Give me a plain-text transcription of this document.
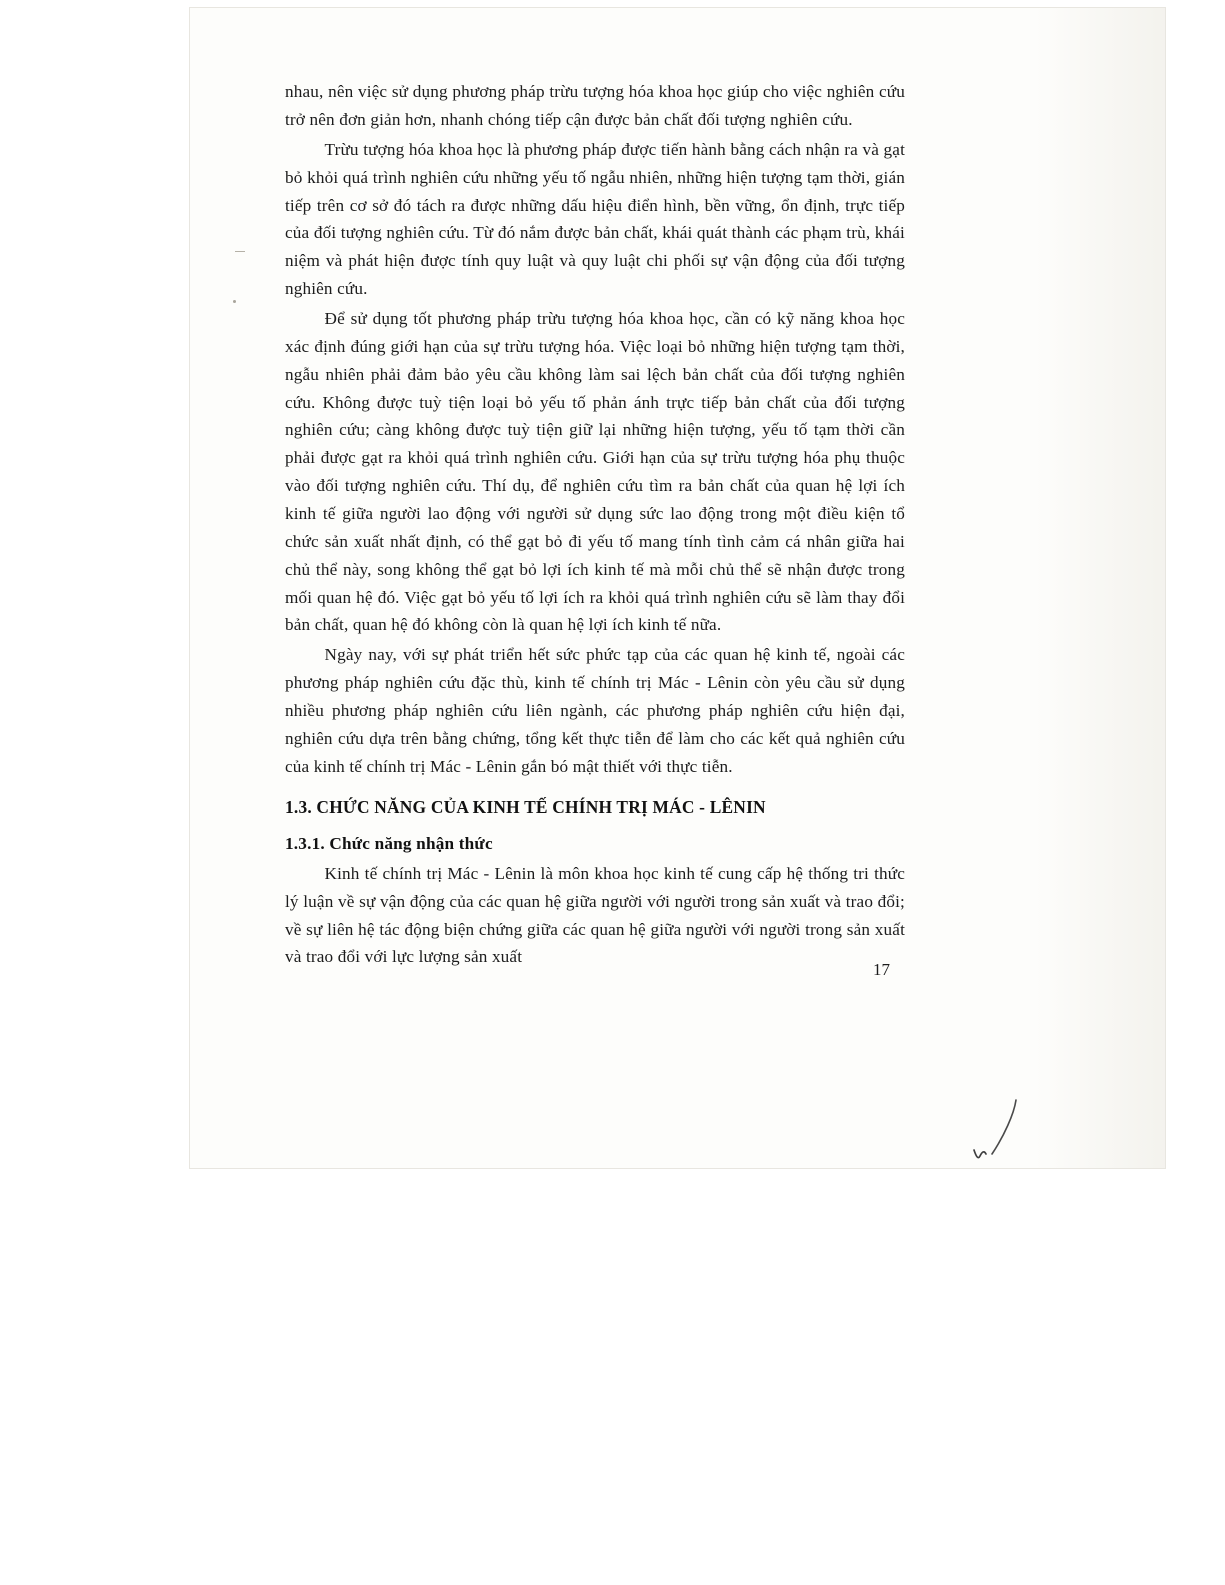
nhau, nên việc sử dụng phương pháp trừu tượng hóa khoa học giúp cho việc nghiên cứu trở nên đơn giản hơn, nhanh chóng tiếp cận được bản chất đối tượng nghiên cứu.

Trừu tượng hóa khoa học là phương pháp được tiến hành bằng cách nhận ra và gạt bỏ khỏi quá trình nghiên cứu những yếu tố ngẫu nhiên, những hiện tượng tạm thời, gián tiếp trên cơ sở đó tách ra được những dấu hiệu điển hình, bền vững, ổn định, trực tiếp của đối tượng nghiên cứu. Từ đó nắm được bản chất, khái quát thành các phạm trù, khái niệm và phát hiện được tính quy luật và quy luật chi phối sự vận động của đối tượng nghiên cứu.

Để sử dụng tốt phương pháp trừu tượng hóa khoa học, cần có kỹ năng khoa học xác định đúng giới hạn của sự trừu tượng hóa. Việc loại bỏ những hiện tượng tạm thời, ngẫu nhiên phải đảm bảo yêu cầu không làm sai lệch bản chất của đối tượng nghiên cứu. Không được tuỳ tiện loại bỏ yếu tố phản ánh trực tiếp bản chất của đối tượng nghiên cứu; càng không được tuỳ tiện giữ lại những hiện tượng, yếu tố tạm thời cần phải được gạt ra khỏi quá trình nghiên cứu. Giới hạn của sự trừu tượng hóa phụ thuộc vào đối tượng nghiên cứu. Thí dụ, để nghiên cứu tìm ra bản chất của quan hệ lợi ích kinh tế giữa người lao động với người sử dụng sức lao động trong một điều kiện tổ chức sản xuất nhất định, có thể gạt bỏ đi yếu tố mang tính tình cảm cá nhân giữa hai chủ thể này, song không thể gạt bỏ lợi ích kinh tế mà mỗi chủ thể sẽ nhận được trong mối quan hệ đó. Việc gạt bỏ yếu tố lợi ích ra khỏi quá trình nghiên cứu sẽ làm thay đổi bản chất, quan hệ đó không còn là quan hệ lợi ích kinh tế nữa.

Ngày nay, với sự phát triển hết sức phức tạp của các quan hệ kinh tế, ngoài các phương pháp nghiên cứu đặc thù, kinh tế chính trị Mác - Lênin còn yêu cầu sử dụng nhiều phương pháp nghiên cứu liên ngành, các phương pháp nghiên cứu hiện đại, nghiên cứu dựa trên bằng chứng, tổng kết thực tiễn để làm cho các kết quả nghiên cứu của kinh tế chính trị Mác - Lênin gắn bó mật thiết với thực tiễn.

1.3. CHỨC NĂNG CỦA KINH TẾ CHÍNH TRỊ MÁC - LÊNIN
1.3.1. Chức năng nhận thức

Kinh tế chính trị Mác - Lênin là môn khoa học kinh tế cung cấp hệ thống tri thức lý luận về sự vận động của các quan hệ giữa người với người trong sản xuất và trao đổi; về sự liên hệ tác động biện chứng giữa các quan hệ giữa người với người trong sản xuất và trao đổi với lực lượng sản xuất

17
